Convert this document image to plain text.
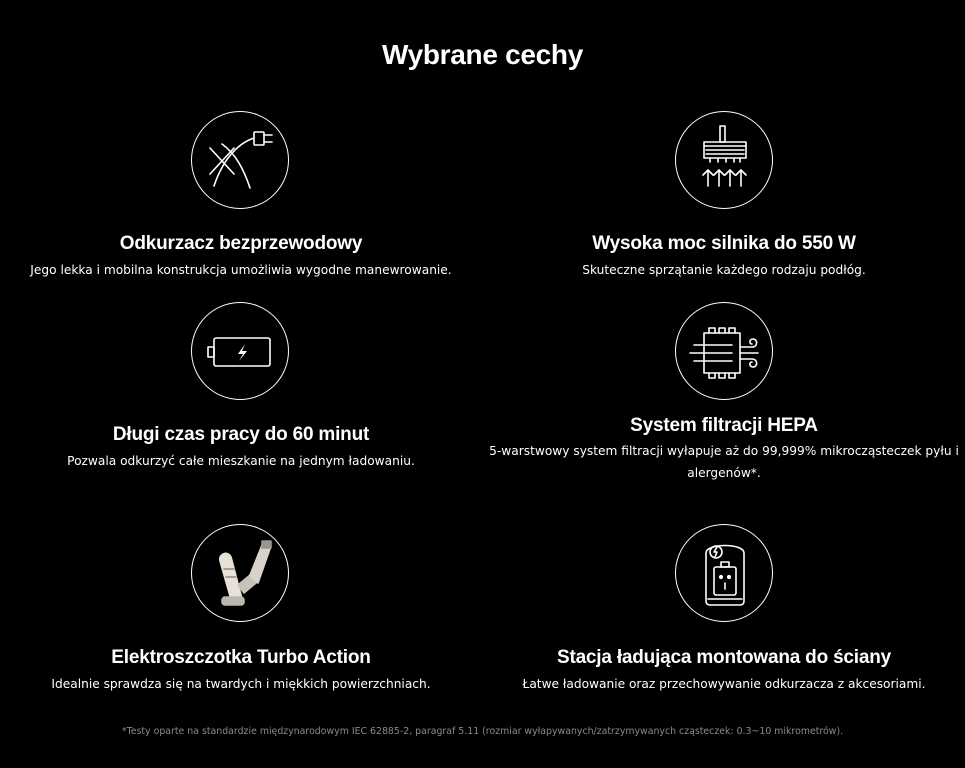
Wybrane cechy
Odkurzacz bezprzewodowy
Jego lekka i mobilna konstrukcja umożliwia wygodne manewrowanie.
Wysoka moc silnika do 550 W
Skuteczne sprzątanie każdego rodzaju podłóg.
Długi czas pracy do 60 minut
Pozwala odkurzyć całe mieszkanie na jednym ładowaniu.
System filtracji HEPA
5-warstwowy system filtracji wyłapuje aż do 99,999% mikrocząsteczek pyłu i alergenów*.
Elektroszczotka Turbo Action
Idealnie sprawdza się na twardych i miękkich powierzchniach.
Stacja ładująca montowana do ściany
Łatwe ładowanie oraz przechowywanie odkurzacza z akcesoriami.
*Testy oparte na standardzie międzynarodowym IEC 62885-2, paragraf 5.11 (rozmiar wyłapywanych/zatrzymywanych cząsteczek: 0.3~10 mikrometrów).
